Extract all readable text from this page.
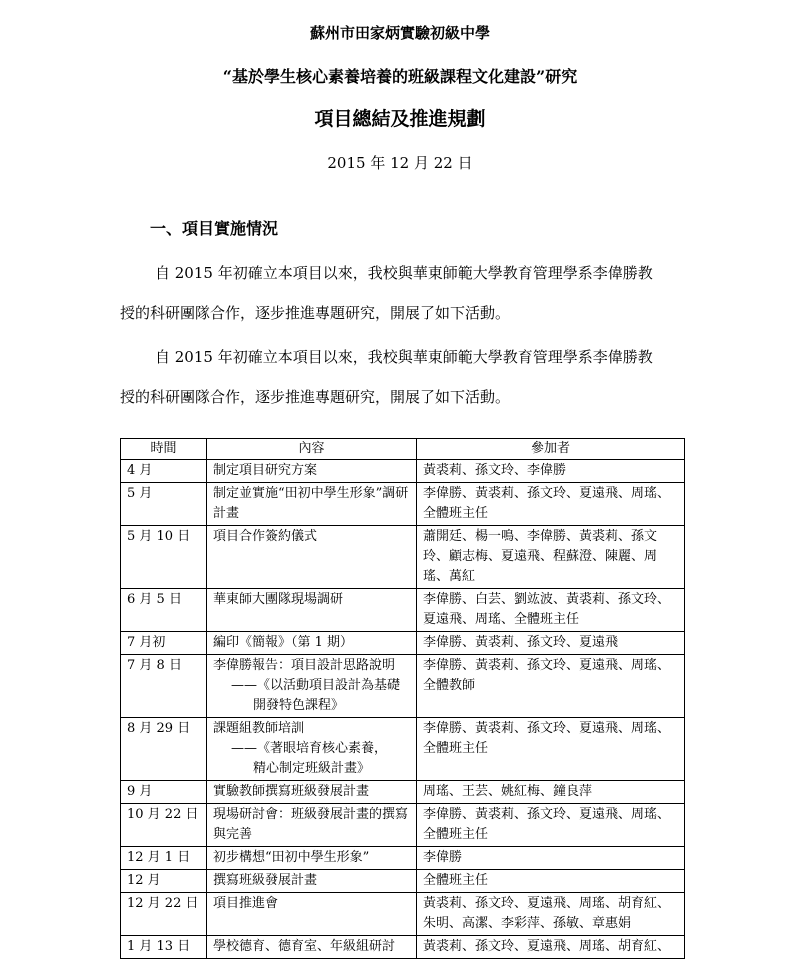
蘇州市田家炳實驗初級中學
“基於學生核心素養培養的班級課程文化建設”研究
項目總結及推進規劃
2015 年 12 月 22 日
一、項目實施情況
自 2015 年初確立本項目以來，我校與華東師範大學教育管理學系李偉勝教
授的科研團隊合作，逐步推進專題研究，開展了如下活動。
自 2015 年初確立本項目以來，我校與華東師範大學教育管理學系李偉勝教
授的科研團隊合作，逐步推進專題研究，開展了如下活動。
時間	內容	參加者
4 月	制定項目研究方案	黃裘莉、孫文玲、李偉勝
5 月	制定並實施“田初中學生形象”調研計畫	李偉勝、黃裘莉、孫文玲、夏遠飛、周瑤、全體班主任
5 月 10 日	項目合作簽約儀式	蕭開廷、楊一鳴、李偉勝、黃裘莉、孫文玲、顧志梅、夏遠飛、程蘇澄、陳麗、周瑤、萬紅
6 月 5 日	華東師大團隊現場調研	李偉勝、白芸、劉竑波、黃裘莉、孫文玲、夏遠飛、周瑤、全體班主任
7 月初	編印《簡報》（第 1 期）	李偉勝、黃裘莉、孫文玲、夏遠飛
7 月 8 日	李偉勝報告：項目設計思路說明
——《以活動項目設計為基礎
開發特色課程》	李偉勝、黃裘莉、孫文玲、夏遠飛、周瑤、全體教師
8 月 29 日	課題組教師培訓
——《著眼培育核心素養，
精心制定班級計畫》	李偉勝、黃裘莉、孫文玲、夏遠飛、周瑤、全體班主任
9 月	實驗教師撰寫班級發展計畫	周瑤、王芸、姚紅梅、鐘良萍
10 月 22 日	現場研討會：班級發展計畫的撰寫與完善	李偉勝、黃裘莉、孫文玲、夏遠飛、周瑤、全體班主任
12 月 1 日	初步構想“田初中學生形象”	李偉勝
12 月	撰寫班級發展計畫	全體班主任
12 月 22 日	項目推進會	黃裘莉、孫文玲、夏遠飛、周瑤、胡育紅、朱明、高潔、李彩萍、孫敏、章惠娟
1 月 13 日	學校德育、德育室、年級組研討	黃裘莉、孫文玲、夏遠飛、周瑤、胡育紅、
